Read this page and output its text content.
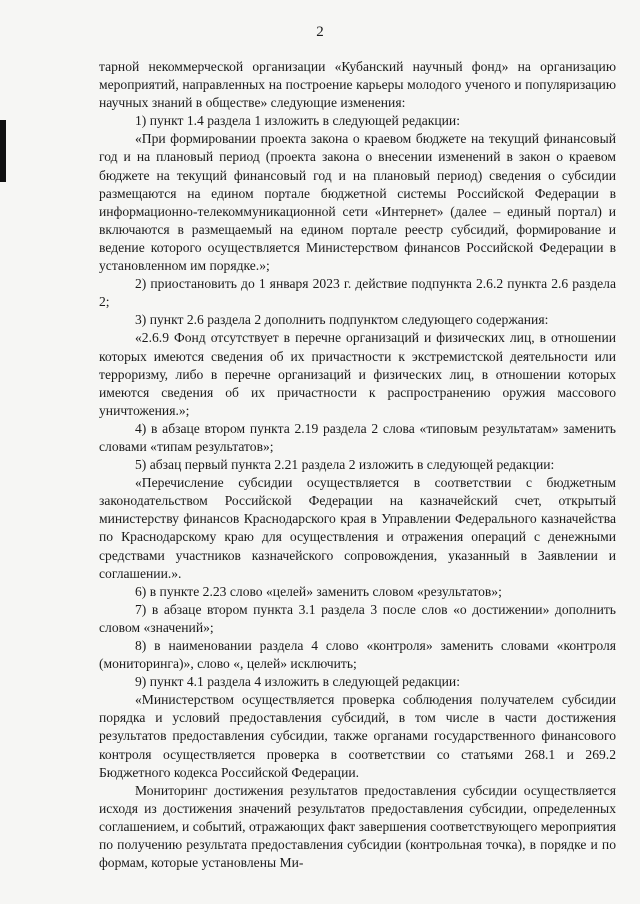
2

тарной некоммерческой организации «Кубанский научный фонд» на организацию мероприятий, направленных на построение карьеры молодого ученого и популяризацию научных знаний в обществе» следующие изменения:

1) пункт 1.4 раздела 1 изложить в следующей редакции:

«При формировании проекта закона о краевом бюджете на текущий финансовый год и на плановый период (проекта закона о внесении изменений в закон о краевом бюджете на текущий финансовый год и на плановый период) сведения о субсидии размещаются на едином портале бюджетной системы Российской Федерации в информационно-телекоммуникационной сети «Интернет» (далее – единый портал) и включаются в размещаемый на едином портале реестр субсидий, формирование и ведение которого осуществляется Министерством финансов Российской Федерации в установленном им порядке.»;

2) приостановить до 1 января 2023 г. действие подпункта 2.6.2 пункта 2.6 раздела 2;

3) пункт 2.6 раздела 2 дополнить подпунктом следующего содержания:

«2.6.9 Фонд отсутствует в перечне организаций и физических лиц, в отношении которых имеются сведения об их причастности к экстремистской деятельности или терроризму, либо в перечне организаций и физических лиц, в отношении которых имеются сведения об их причастности к распространению оружия массового уничтожения.»;

4) в абзаце втором пункта 2.19 раздела 2 слова «типовым результатам» заменить словами «типам результатов»;

5) абзац первый пункта 2.21 раздела 2 изложить в следующей редакции:

«Перечисление субсидии осуществляется в соответствии с бюджетным законодательством Российской Федерации на казначейский счет, открытый министерству финансов Краснодарского края в Управлении Федерального казначейства по Краснодарскому краю для осуществления и отражения операций с денежными средствами участников казначейского сопровождения, указанный в Заявлении и соглашении.».

6) в пункте 2.23 слово «целей» заменить словом «результатов»;

7) в абзаце втором пункта 3.1 раздела 3 после слов «о достижении» дополнить словом «значений»;

8) в наименовании раздела 4 слово «контроля» заменить словами «контроля (мониторинга)», слово «, целей» исключить;

9) пункт 4.1 раздела 4 изложить в следующей редакции:

«Министерством осуществляется проверка соблюдения получателем субсидии порядка и условий предоставления субсидий, в том числе в части достижения результатов предоставления субсидии, также органами государственного финансового контроля осуществляется проверка в соответствии со статьями 268.1 и 269.2 Бюджетного кодекса Российской Федерации.

Мониторинг достижения результатов предоставления субсидии осуществляется исходя из достижения значений результатов предоставления субсидии, определенных соглашением, и событий, отражающих факт завершения соответствующего мероприятия по получению результата предоставления субсидии (контрольная точка), в порядке и по формам, которые установлены Ми-
